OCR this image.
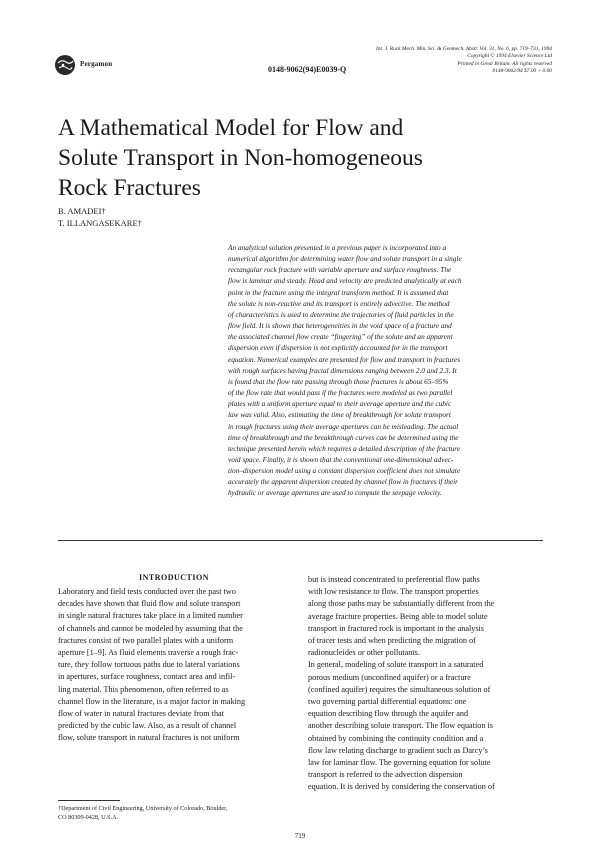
Pergamon
0148-9062(94)E0039-Q
Int. J. Rock Mech. Min. Sci. & Geomech. Abstr. Vol. 31, No. 6, pp. 719–731, 1994
Copyright © 1994 Elsevier Science Ltd
Printed in Great Britain. All rights reserved
0148-9062/94 $7.00 + 0.00
A Mathematical Model for Flow and
Solute Transport in Non-homogeneous
Rock Fractures
B. AMADEI†
T. ILLANGASEKARE†
An analytical solution presented in a previous paper is incorporated into a
numerical algorithm for determining water flow and solute transport in a single
rectangular rock fracture with variable aperture and surface roughness. The
flow is laminar and steady. Head and velocity are predicted analytically at each
point in the fracture using the integral transform method. It is assumed that
the solute is non-reactive and its transport is entirely advective. The method
of characteristics is used to determine the trajectories of fluid particles in the
flow field. It is shown that heterogeneities in the void space of a fracture and
the associated channel flow create “fingering” of the solute and an apparent
dispersion even if dispersion is not explicitly accounted for in the transport
equation. Numerical examples are presented for flow and transport in fractures
with rough surfaces having fractal dimensions ranging between 2.0 and 2.3. It
is found that the flow rate passing through those fractures is about 65–95%
of the flow rate that would pass if the fractures were modeled as two parallel
plates with a uniform aperture equal to their average aperture and the cubic
law was valid. Also, estimating the time of breakthrough for solute transport
in rough fractures using their average apertures can be misleading. The actual
time of breakthrough and the breakthrough curves can be determined using the
technique presented herein which requires a detailed description of the fracture
void space. Finally, it is shown that the conventional one-dimensional advec-
tion–dispersion model using a constant dispersion coefficient does not simulate
accurately the apparent dispersion created by channel flow in fractures if their
hydraulic or average apertures are used to compute the seepage velocity.
INTRODUCTION
Laboratory and field tests conducted over the past two
decades have shown that fluid flow and solute transport
in single natural fractures take place in a limited number
of channels and cannot be modeled by assuming that the
fractures consist of two parallel plates with a uniform
aperture [1–9]. As fluid elements traverse a rough frac-
ture, they follow tortuous paths due to lateral variations
in apertures, surface roughness, contact area and infil-
ling material. This phenomenon, often referred to as
channel flow in the literature, is a major factor in making
flow of water in natural fractures deviate from that
predicted by the cubic law. Also, as a result of channel
flow, solute transport in natural fractures is not uniform
but is instead concentrated to preferential flow paths
with low resistance to flow. The transport properties
along those paths may be substantially different from the
average fracture properties. Being able to model solute
transport in fractured rock is important in the analysis
of tracer tests and when predicting the migration of
radionucleides or other pollutants.
In general, modeling of solute transport in a saturated
porous medium (unconfined aquifer) or a fracture
(confined aquifer) requires the simultaneous solution of
two governing partial differential equations: one
equation describing flow through the aquifer and
another describing solute transport. The flow equation is
obtained by combining the continuity condition and a
flow law relating discharge to gradient such as Darcy’s
law for laminar flow. The governing equation for solute
transport is referred to the advection dispersion
equation. It is derived by considering the conservation of
†Department of Civil Engineering, University of Colorado, Boulder,
CO 80309-0428, U.S.A.
719
